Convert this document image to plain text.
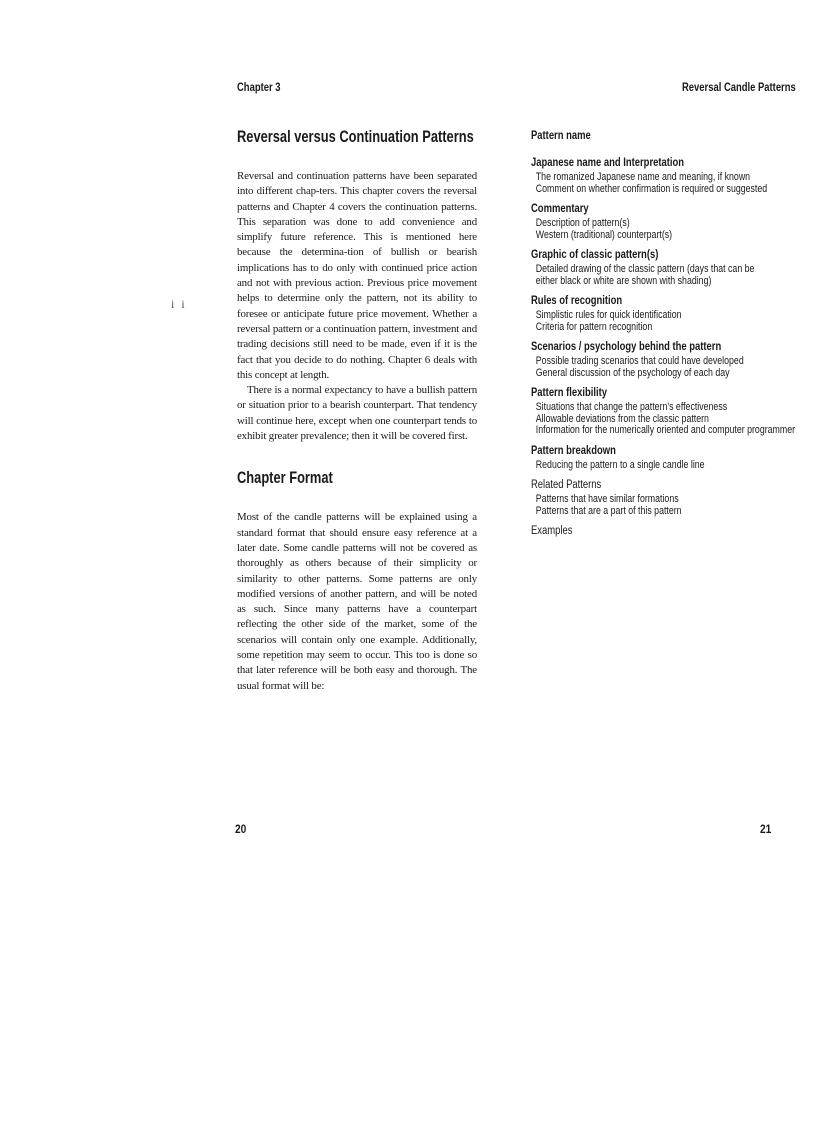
Chapter 3	Reversal Candle Patterns
i i
Reversal versus Continuation Patterns

Reversal and continuation patterns have been separated into different chap-ters. This chapter covers the reversal patterns and Chapter 4 covers the continuation patterns. This separation was done to add convenience and simplify future reference. This is mentioned here because the determina-tion of bullish or bearish implications has to do only with continued price action and not with previous action. Previous price movement helps to determine only the pattern, not its ability to foresee or anticipate future price movement. Whether a reversal pattern or a continuation pattern, investment and trading decisions still need to be made, even if it is the fact that you decide to do nothing. Chapter 6 deals with this concept at length.

There is a normal expectancy to have a bullish pattern or situation prior to a bearish counterpart. That tendency will continue here, except when one counterpart tends to exhibit greater prevalence; then it will be covered first.

Chapter Format

Most of the candle patterns will be explained using a standard format that should ensure easy reference at a later date. Some candle patterns will not be covered as thoroughly as others because of their simplicity or similarity to other patterns. Some patterns are only modified versions of another pattern, and will be noted as such. Since many patterns have a counterpart reflecting the other side of the market, some of the scenarios will contain only one example. Additionally, some repetition may seem to occur. This too is done so that later reference will be both easy and thorough. The usual format will be:

Pattern name
Japanese name and Interpretation
The romanized Japanese name and meaning, if known
Comment on whether confirmation is required or suggested
Commentary
Description of pattern(s)
Western (traditional) counterpart(s)
Graphic of classic pattern(s)
Detailed drawing of the classic pattern (days that can be either black or white are shown with shading)
Rules of recognition
Simplistic rules for quick identification
Criteria for pattern recognition
Scenarios / psychology behind the pattern
Possible trading scenarios that could have developed
General discussion of the psychology of each day
Pattern flexibility
Situations that change the pattern's effectiveness
Allowable deviations from the classic pattern
Information for the numerically oriented and computer programmer
Pattern breakdown
Reducing the pattern to a single candle line
Related Patterns
Patterns that have similar formations
Patterns that are a part of this pattern
Examples
20	21
